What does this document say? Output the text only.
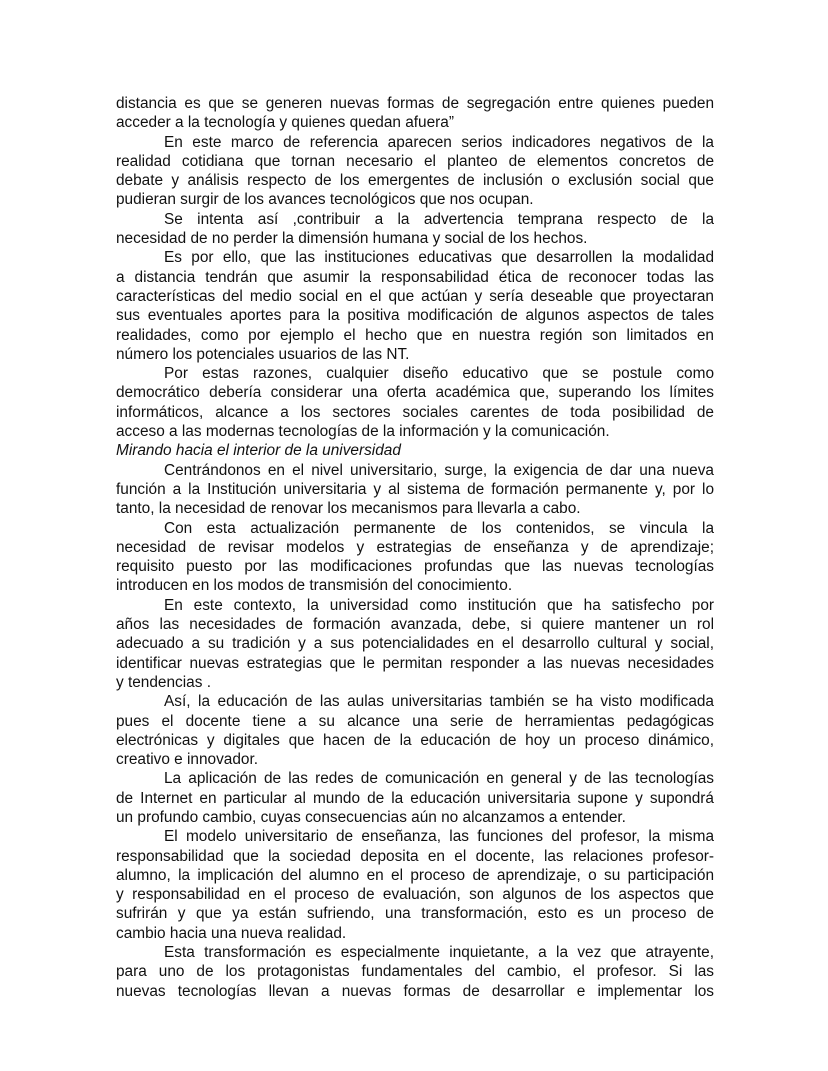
distancia es que se generen nuevas formas de segregación entre quienes pueden
acceder a la tecnología y quienes quedan afuera”
En este marco de referencia aparecen serios indicadores negativos de la
realidad cotidiana que tornan necesario el planteo de elementos concretos de
debate y análisis respecto de los emergentes de inclusión o exclusión social que
pudieran surgir de los avances tecnológicos que nos ocupan.
Se intenta así ,contribuir a la advertencia temprana respecto de la
necesidad de no perder la dimensión humana y social de los hechos.
Es por ello, que las instituciones educativas que desarrollen la modalidad
a distancia tendrán que asumir la responsabilidad ética de reconocer todas las
características del medio social en el que actúan y sería deseable que proyectaran
sus eventuales aportes para la positiva modificación de algunos aspectos de tales
realidades, como por ejemplo el hecho que en nuestra región son limitados en
número los potenciales usuarios de las NT.
Por estas razones, cualquier diseño educativo que se postule como
democrático debería considerar una oferta académica que, superando los límites
informáticos, alcance a los sectores sociales carentes de toda posibilidad de
acceso a las modernas tecnologías de la información y la comunicación.
Mirando hacia el interior de la universidad
Centrándonos en el nivel universitario, surge, la exigencia de dar una nueva
función a la Institución universitaria y al sistema de formación permanente y, por lo
tanto, la necesidad de renovar los mecanismos para llevarla a cabo.
Con esta actualización permanente de los contenidos, se vincula la
necesidad de revisar modelos y estrategias de enseñanza y de aprendizaje;
requisito puesto por las modificaciones profundas que las nuevas tecnologías
introducen en los modos de transmisión del conocimiento.
En este contexto, la universidad como institución que ha satisfecho por
años las necesidades de formación avanzada, debe, si quiere mantener un rol
adecuado a su tradición y a sus potencialidades en el desarrollo cultural y social,
identificar nuevas estrategias que le permitan responder a las nuevas necesidades
y tendencias .
Así, la educación de las aulas universitarias también se ha visto modificada
pues el docente tiene a su alcance una serie de herramientas pedagógicas
electrónicas y digitales que hacen de la educación de hoy un proceso dinámico,
creativo e innovador.
La aplicación de las redes de comunicación en general y de las tecnologías
de Internet en particular al mundo de la educación universitaria supone y supondrá
un profundo cambio, cuyas consecuencias aún no alcanzamos a entender.
El modelo universitario de enseñanza, las funciones del profesor, la misma
responsabilidad que la sociedad deposita en el docente, las relaciones profesor-
alumno, la implicación del alumno en el proceso de aprendizaje, o su participación
y responsabilidad en el proceso de evaluación, son algunos de los aspectos que
sufrirán y que ya están sufriendo, una transformación, esto es un proceso de
cambio hacia una nueva realidad.
Esta transformación es especialmente inquietante, a la vez que atrayente,
para uno de los protagonistas fundamentales del cambio, el profesor. Si las
nuevas tecnologías llevan a nuevas formas de desarrollar e implementar los
